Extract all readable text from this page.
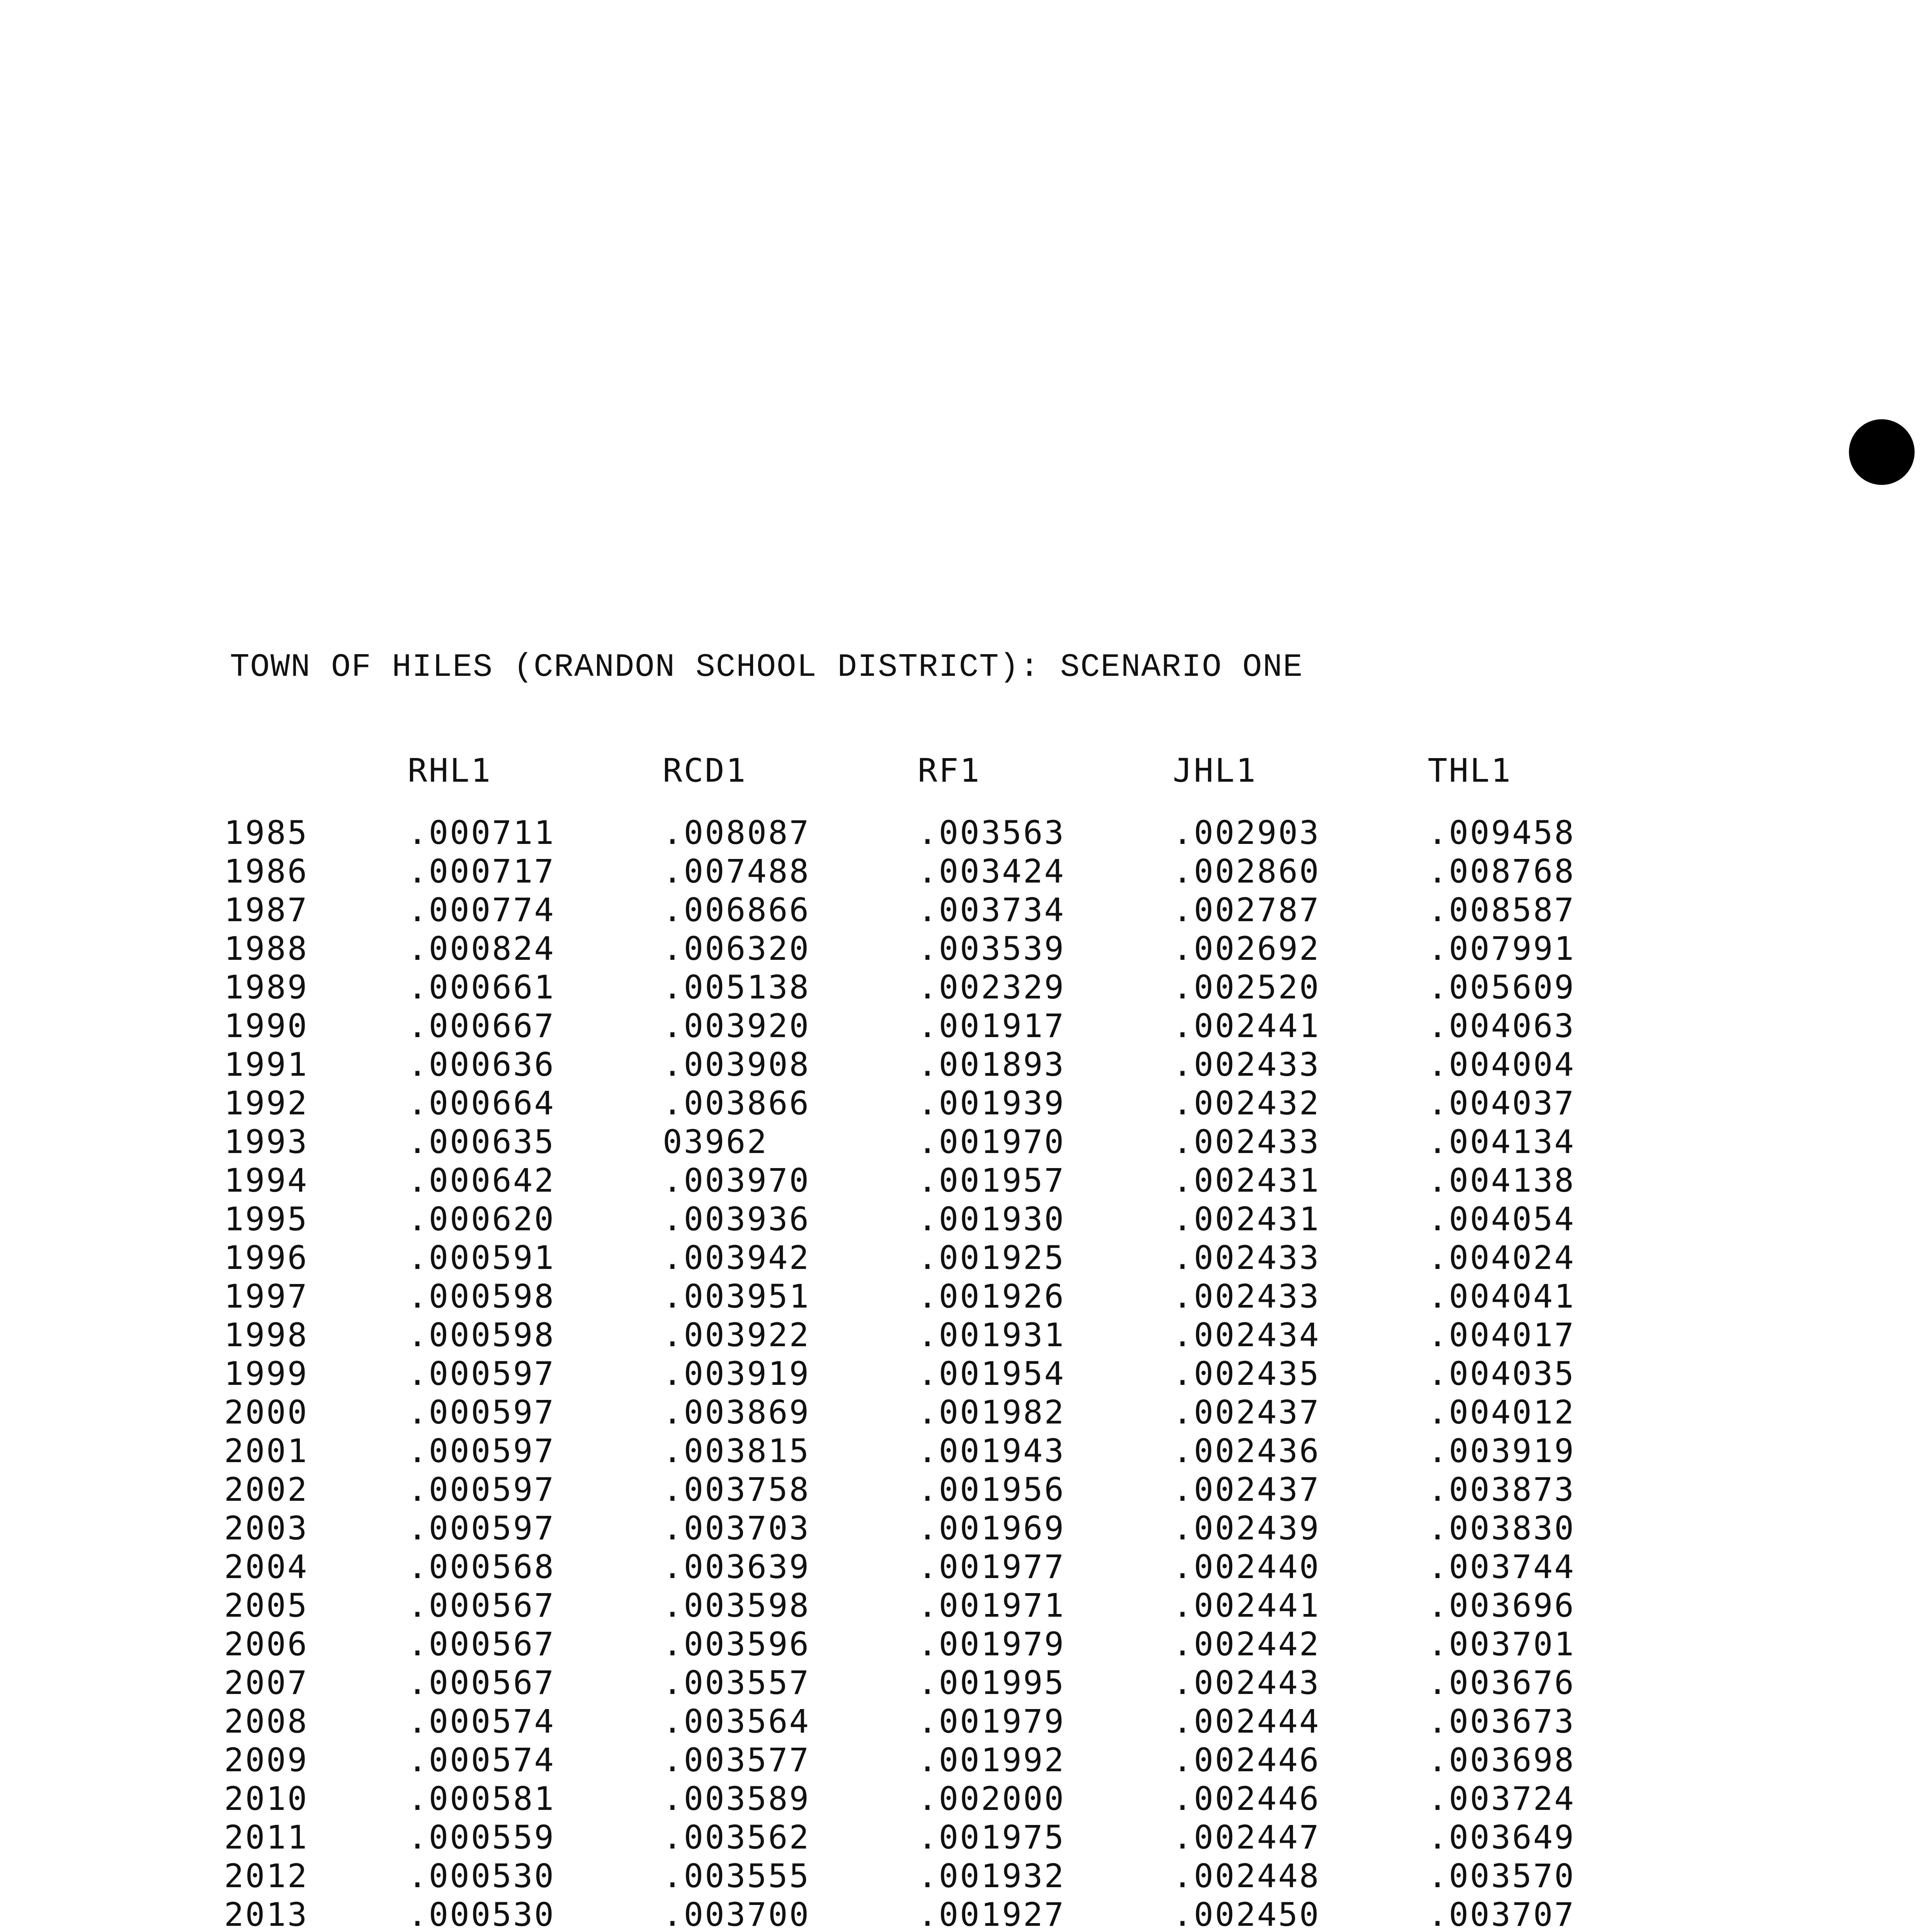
TOWN OF HILES (CRANDON SCHOOL DISTRICT): SCENARIO ONE
	RHL1	RCD1	RF1	JHL1	THL1
1985	.000711	.008087	.003563	.002903	.009458
1986	.000717	.007488	.003424	.002860	.008768
1987	.000774	.006866	.003734	.002787	.008587
1988	.000824	.006320	.003539	.002692	.007991
1989	.000661	.005138	.002329	.002520	.005609
1990	.000667	.003920	.001917	.002441	.004063
1991	.000636	.003908	.001893	.002433	.004004
1992	.000664	.003866	.001939	.002432	.004037
1993	.000635	03962	.001970	.002433	.004134
1994	.000642	.003970	.001957	.002431	.004138
1995	.000620	.003936	.001930	.002431	.004054
1996	.000591	.003942	.001925	.002433	.004024
1997	.000598	.003951	.001926	.002433	.004041
1998	.000598	.003922	.001931	.002434	.004017
1999	.000597	.003919	.001954	.002435	.004035
2000	.000597	.003869	.001982	.002437	.004012
2001	.000597	.003815	.001943	.002436	.003919
2002	.000597	.003758	.001956	.002437	.003873
2003	.000597	.003703	.001969	.002439	.003830
2004	.000568	.003639	.001977	.002440	.003744
2005	.000567	.003598	.001971	.002441	.003696
2006	.000567	.003596	.001979	.002442	.003701
2007	.000567	.003557	.001995	.002443	.003676
2008	.000574	.003564	.001979	.002444	.003673
2009	.000574	.003577	.001992	.002446	.003698
2010	.000581	.003589	.002000	.002446	.003724
2011	.000559	.003562	.001975	.002447	.003649
2012	.000530	.003555	.001932	.002448	.003570
2013	.000530	.003700	.001927	.002450	.003707
